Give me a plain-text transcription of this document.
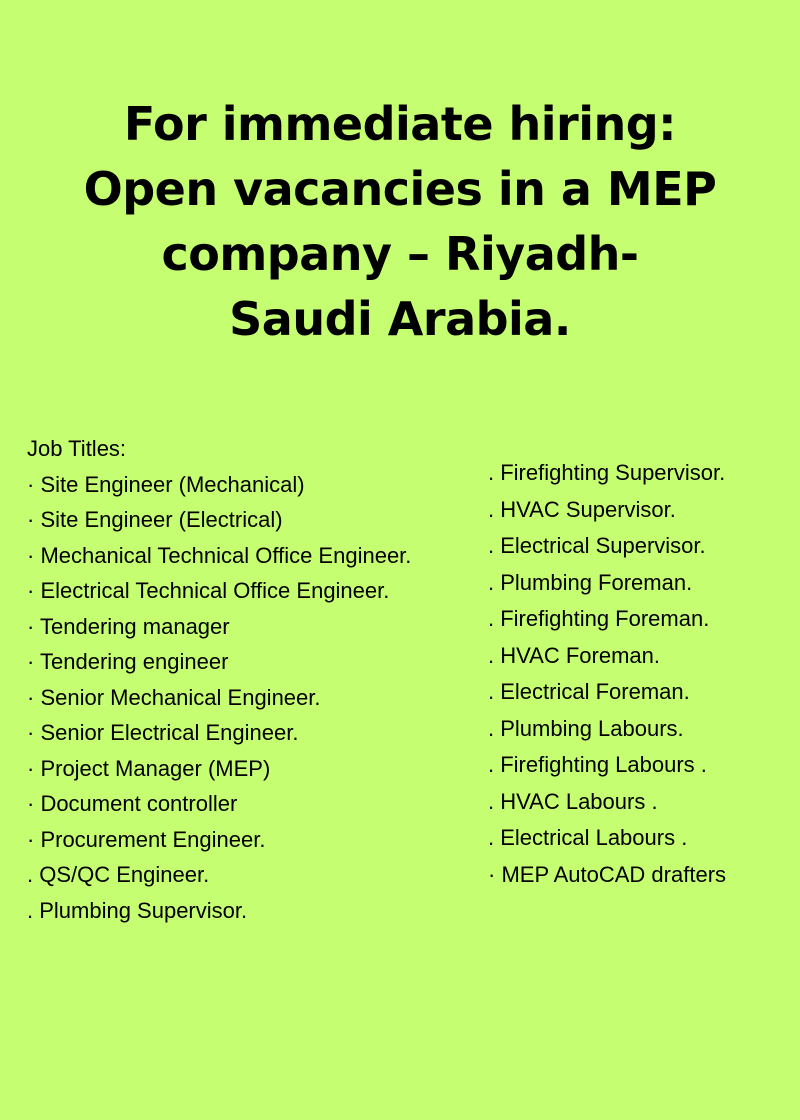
For immediate hiring:
Open vacancies in a MEP
company – Riyadh-
Saudi Arabia.
Job Titles:
· Site Engineer (Mechanical)
· Site Engineer (Electrical)
· Mechanical Technical Office Engineer.
· Electrical Technical Office Engineer.
· Tendering manager
· Tendering engineer
· Senior Mechanical Engineer.
· Senior Electrical Engineer.
· Project Manager (MEP)
· Document controller
· Procurement Engineer.
. QS/QC Engineer.
. Plumbing Supervisor.
. Firefighting Supervisor.
. HVAC Supervisor.
. Electrical Supervisor.
. Plumbing Foreman.
. Firefighting Foreman.
. HVAC Foreman.
. Electrical Foreman.
. Plumbing Labours.
. Firefighting Labours .
. HVAC Labours .
. Electrical Labours .
· MEP AutoCAD drafters
